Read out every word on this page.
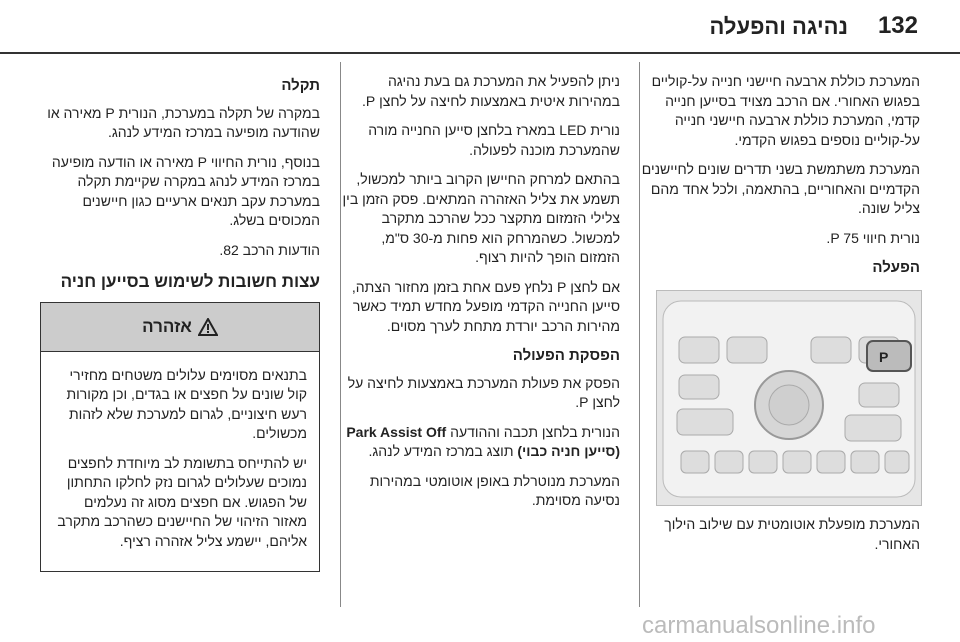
132
נהיגה והפעלה

המערכת כוללת ארבעה חיישני חנייה על-קוליים בפגוש האחורי. אם הרכב מצויד בסייען חנייה קדמי, המערכת כוללת ארבעה חיישני חנייה על-קוליים נוספים בפגוש הקדמי.

המערכת משתמשת בשני תדרים שונים לחיישנים הקדמיים והאחוריים, בהתאמה, ולכל אחד מהם צליל שונה.

נורית חיווי P 75.

הפעלה
P
המערכת מופעלת אוטומטית עם שילוב הילוך האחורי.

ניתן להפעיל את המערכת גם בעת נהיגה במהירות איטית באמצעות לחיצה על לחצן P.

נורית LED במארז בלחצן סייען החנייה מורה שהמערכת מוכנה לפעולה.

בהתאם למרחק החיישן הקרוב ביותר למכשול, תשמע את צליל האזהרה המתאים. פסק הזמן בין צלילי הזמזום מתקצר ככל שהרכב מתקרב למכשול. כשהמרחק הוא פחות מ-30 ס"מ, הזמזום הופך להיות רצוף.

אם לחצן P נלחץ פעם אחת בזמן מחזור הצתה, סייען החנייה הקדמי מופעל מחדש תמיד כאשר מהירות הרכב יורדת מתחת לערך מסוים.

הפסקת הפעולה

הפסק את פעולת המערכת באמצעות לחיצה על לחצן P.

הנורית בלחצן תכבה וההודעה Park Assist Off (סייען חניה כבוי) תוצג במרכז המידע לנהג.

המערכת מנוטרלת באופן אוטומטי במהירות נסיעה מסוימת.

תקלה

במקרה של תקלה במערכת, הנורית P מאירה או שהודעה מופיעה במרכז המידע לנהג.

בנוסף, נורית החיווי P מאירה או הודעה מופיעה במרכז המידע לנהג במקרה שקיימת תקלה במערכת עקב תנאים ארעיים כגון חיישנים המכוסים בשלג.

הודעות הרכב 82.

עצות חשובות לשימוש בסייען חניה
אזהרה

בתנאים מסוימים עלולים משטחים מחזירי קול שונים על חפצים או בגדים, וכן מקורות רעש חיצוניים, לגרום למערכת שלא לזהות מכשולים.

יש להתייחס בתשומת לב מיוחדת לחפצים נמוכים שעלולים לגרום נזק לחלקו התחתון של הפגוש. אם חפצים מסוג זה נעלמים מאזור הזיהוי של החיישנים כשהרכב מתקרב אליהם, יישמע צליל אזהרה רציף.

carmanualsonline.info
